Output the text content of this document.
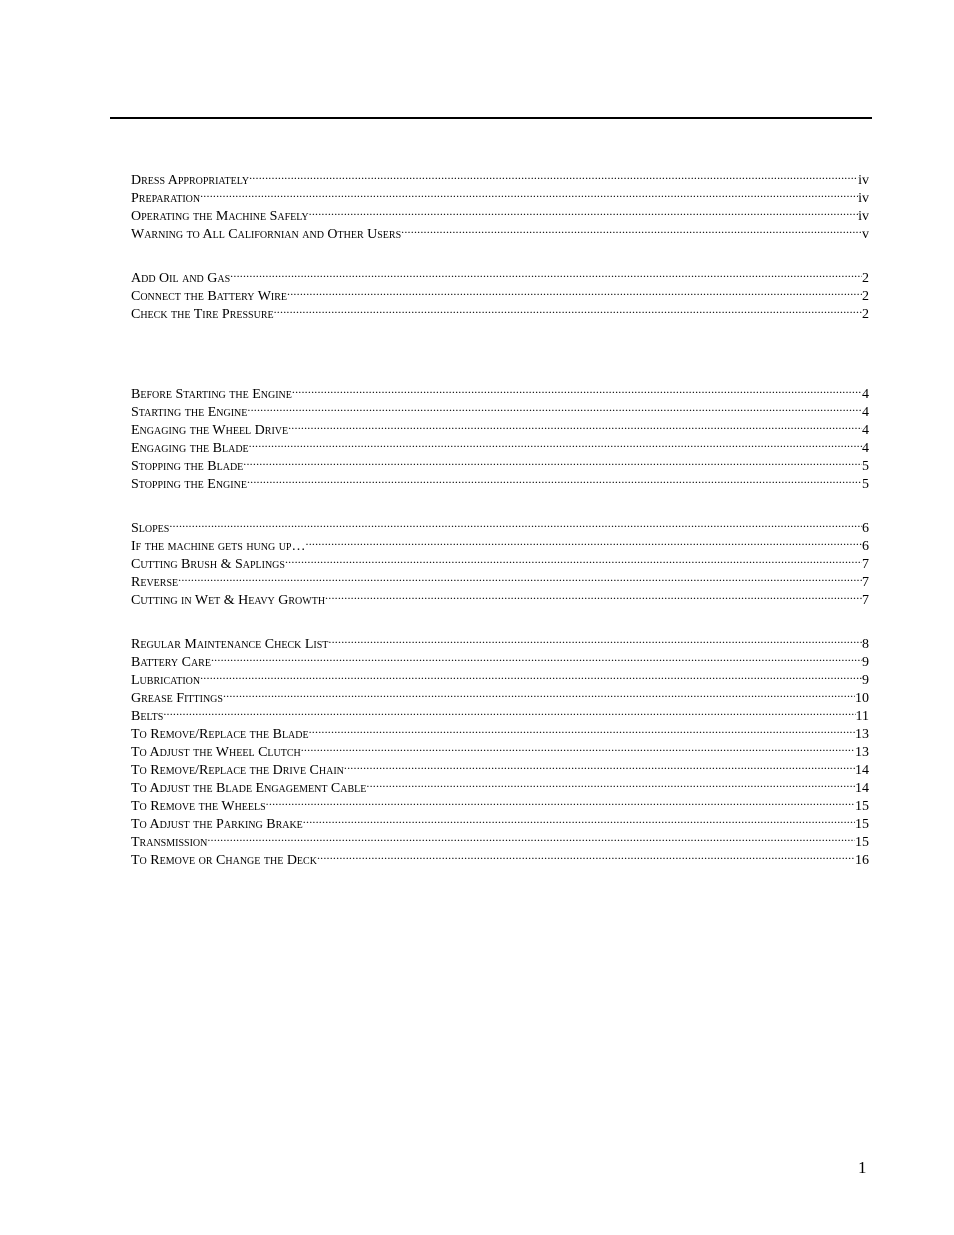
Dress Appropriately .....	iv
Preparation .....	iv
Operating the Machine Safely .....	iv
Warning to All Californian and Other Users .....	v
Add Oil and Gas .....	2
Connect the Battery Wire .....	2
Check the Tire Pressure .....	2
Before Starting the Engine .....	4
Starting the Engine .....	4
Engaging the Wheel Drive .....	4
Engaging the Blade .....	4
Stopping the Blade .....	5
Stopping the Engine .....	5
Slopes .....	6
If the machine gets hung up… .....	6
Cutting Brush & Saplings .....	7
Reverse .....	7
Cutting in Wet & Heavy Growth .....	7
Regular Maintenance Check List .....	8
Battery Care .....	9
Lubrication .....	9
Grease Fittings .....	10
Belts .....	11
To Remove/Replace the Blade .....	13
To Adjust the Wheel Clutch .....	13
To Remove/Replace the Drive Chain .....	14
To Adjust the Blade Engagement Cable .....	14
To Remove the Wheels .....	15
To Adjust the Parking Brake .....	15
Transmission .....	15
To Remove or Change the Deck .....	16
1
